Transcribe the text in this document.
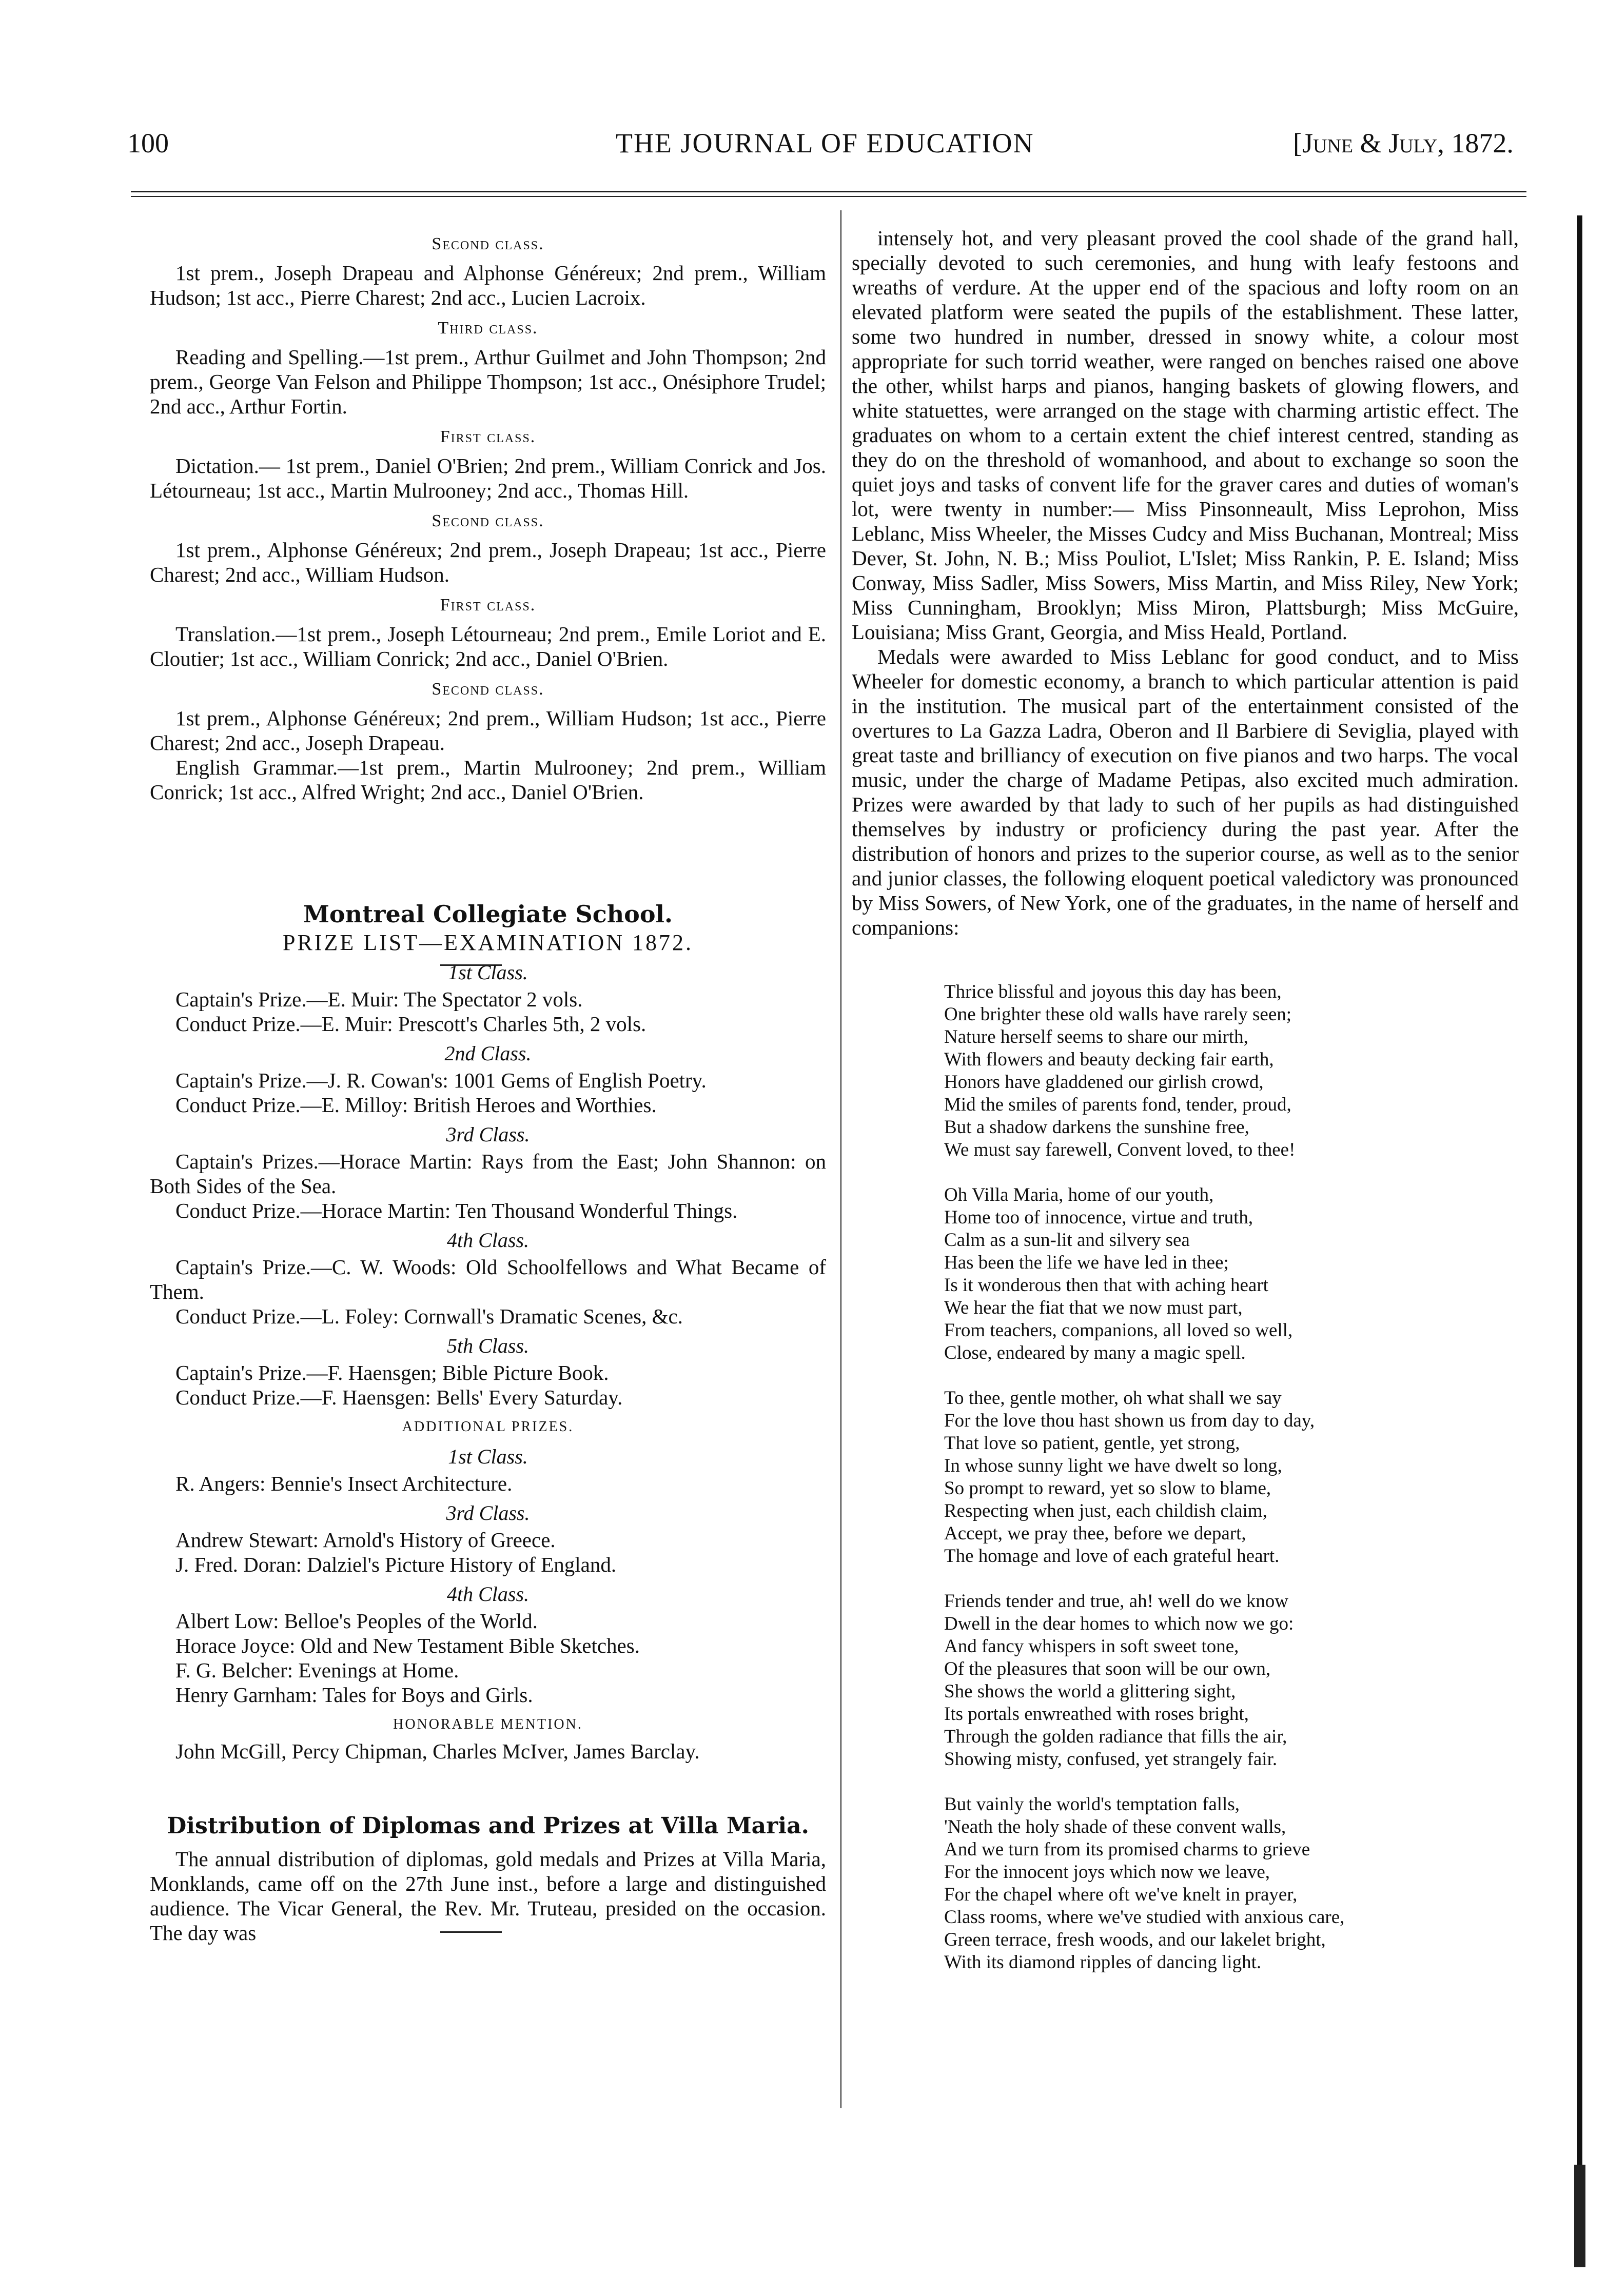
100	THE JOURNAL OF EDUCATION	[June & July, 1872.
Second class.

1st prem., Joseph Drapeau and Alphonse Généreux; 2nd prem., William Hudson; 1st acc., Pierre Charest; 2nd acc., Lucien Lacroix.

Third class.

Reading and Spelling.—1st prem., Arthur Guilmet and John Thompson; 2nd prem., George Van Felson and Philippe Thompson; 1st acc., Onésiphore Trudel; 2nd acc., Arthur Fortin.

First class.

Dictation.— 1st prem., Daniel O'Brien; 2nd prem., William Conrick and Jos. Létourneau; 1st acc., Martin Mulrooney; 2nd acc., Thomas Hill.

Second class.

1st prem., Alphonse Généreux; 2nd prem., Joseph Drapeau; 1st acc., Pierre Charest; 2nd acc., William Hudson.

First class.

Translation.—1st prem., Joseph Létourneau; 2nd prem., Emile Loriot and E. Cloutier; 1st acc., William Conrick; 2nd acc., Daniel O'Brien.

Second class.

1st prem., Alphonse Généreux; 2nd prem., William Hudson; 1st acc., Pierre Charest; 2nd acc., Joseph Drapeau.

English Grammar.—1st prem., Martin Mulrooney; 2nd prem., William Conrick; 1st acc., Alfred Wright; 2nd acc., Daniel O'Brien.

Montreal Collegiate School.
PRIZE LIST—EXAMINATION 1872.
1st Class.

Captain's Prize.—E. Muir: The Spectator 2 vols.

Conduct Prize.—E. Muir: Prescott's Charles 5th, 2 vols.

2nd Class.

Captain's Prize.—J. R. Cowan's: 1001 Gems of English Poetry.

Conduct Prize.—E. Milloy: British Heroes and Worthies.

3rd Class.

Captain's Prizes.—Horace Martin: Rays from the East; John Shannon: on Both Sides of the Sea.

Conduct Prize.—Horace Martin: Ten Thousand Wonderful Things.

4th Class.

Captain's Prize.—C. W. Woods: Old Schoolfellows and What Became of Them.

Conduct Prize.—L. Foley: Cornwall's Dramatic Scenes, &c.

5th Class.

Captain's Prize.—F. Haensgen; Bible Picture Book.

Conduct Prize.—F. Haensgen: Bells' Every Saturday.

ADDITIONAL PRIZES.
1st Class.

R. Angers: Bennie's Insect Architecture.

3rd Class.

Andrew Stewart: Arnold's History of Greece.

J. Fred. Doran: Dalziel's Picture History of England.

4th Class.

Albert Low: Belloe's Peoples of the World.

Horace Joyce: Old and New Testament Bible Sketches.

F. G. Belcher: Evenings at Home.

Henry Garnham: Tales for Boys and Girls.

HONORABLE MENTION.

John McGill, Percy Chipman, Charles McIver, James Barclay.

Distribution of Diplomas and Prizes at Villa Maria.

The annual distribution of diplomas, gold medals and Prizes at Villa Maria, Monklands, came off on the 27th June inst., before a large and distinguished audience. The Vicar General, the Rev. Mr. Truteau, presided on the occasion. The day was

intensely hot, and very pleasant proved the cool shade of the grand hall, specially devoted to such ceremonies, and hung with leafy festoons and wreaths of verdure. At the upper end of the spacious and lofty room on an elevated platform were seated the pupils of the establishment. These latter, some two hundred in number, dressed in snowy white, a colour most appropriate for such torrid weather, were ranged on benches raised one above the other, whilst harps and pianos, hanging baskets of glowing flowers, and white statuettes, were arranged on the stage with charming artistic effect. The graduates on whom to a certain extent the chief interest centred, standing as they do on the threshold of womanhood, and about to exchange so soon the quiet joys and tasks of convent life for the graver cares and duties of woman's lot, were twenty in number:— Miss Pinsonneault, Miss Leprohon, Miss Leblanc, Miss Wheeler, the Misses Cudcy and Miss Buchanan, Montreal; Miss Dever, St. John, N. B.; Miss Pouliot, L'Islet; Miss Rankin, P. E. Island; Miss Conway, Miss Sadler, Miss Sowers, Miss Martin, and Miss Riley, New York; Miss Cunningham, Brooklyn; Miss Miron, Plattsburgh; Miss McGuire, Louisiana; Miss Grant, Georgia, and Miss Heald, Portland.

Medals were awarded to Miss Leblanc for good conduct, and to Miss Wheeler for domestic economy, a branch to which particular attention is paid in the institution. The musical part of the entertainment consisted of the overtures to La Gazza Ladra, Oberon and Il Barbiere di Seviglia, played with great taste and brilliancy of execution on five pianos and two harps. The vocal music, under the charge of Madame Petipas, also excited much admiration. Prizes were awarded by that lady to such of her pupils as had distinguished themselves by industry or proficiency during the past year. After the distribution of honors and prizes to the superior course, as well as to the senior and junior classes, the following eloquent poetical valedictory was pronounced by Miss Sowers, of New York, one of the graduates, in the name of herself and companions:

Thrice blissful and joyous this day has been,
One brighter these old walls have rarely seen;
Nature herself seems to share our mirth,
With flowers and beauty decking fair earth,
Honors have gladdened our girlish crowd,
Mid the smiles of parents fond, tender, proud,
But a shadow darkens the sunshine free,
We must say farewell, Convent loved, to thee!
Oh Villa Maria, home of our youth,
Home too of innocence, virtue and truth,
Calm as a sun-lit and silvery sea
Has been the life we have led in thee;
Is it wonderous then that with aching heart
We hear the fiat that we now must part,
From teachers, companions, all loved so well,
Close, endeared by many a magic spell.
To thee, gentle mother, oh what shall we say
For the love thou hast shown us from day to day,
That love so patient, gentle, yet strong,
In whose sunny light we have dwelt so long,
So prompt to reward, yet so slow to blame,
Respecting when just, each childish claim,
Accept, we pray thee, before we depart,
The homage and love of each grateful heart.
Friends tender and true, ah! well do we know
Dwell in the dear homes to which now we go:
And fancy whispers in soft sweet tone,
Of the pleasures that soon will be our own,
She shows the world a glittering sight,
Its portals enwreathed with roses bright,
Through the golden radiance that fills the air,
Showing misty, confused, yet strangely fair.
But vainly the world's temptation falls,
'Neath the holy shade of these convent walls,
And we turn from its promised charms to grieve
For the innocent joys which now we leave,
For the chapel where oft we've knelt in prayer,
Class rooms, where we've studied with anxious care,
Green terrace, fresh woods, and our lakelet bright,
With its diamond ripples of dancing light.
